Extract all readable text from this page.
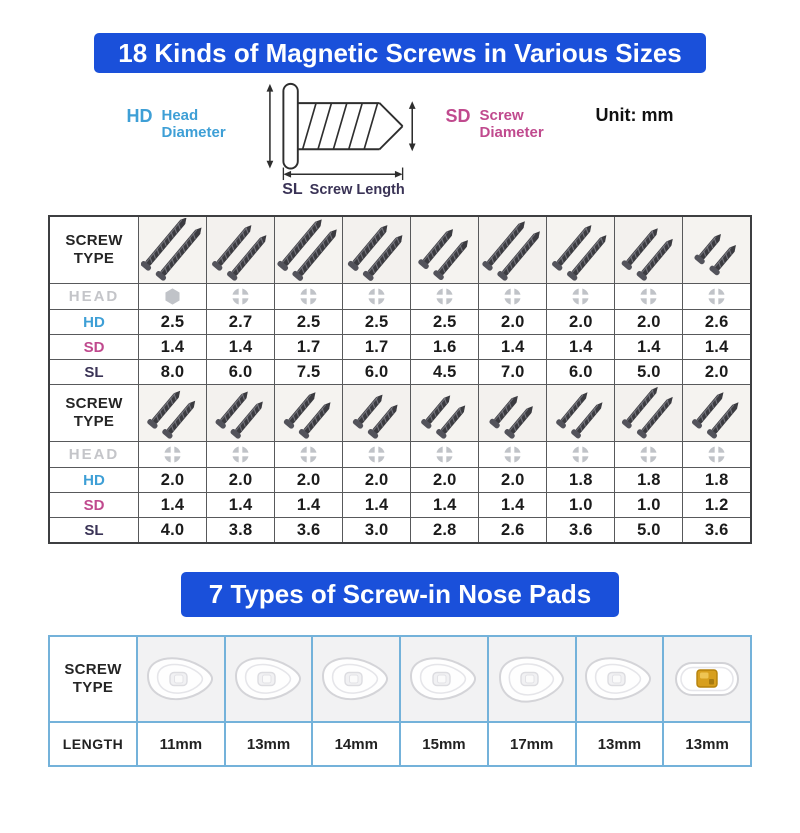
18 Kinds of Magnetic Screws in Various Sizes
HD Head Diameter
SL Screw Length
SD Screw Diameter
Unit: mm
SCREW TYPE	

HEAD									
HD	2.5	2.7	2.5	2.5	2.5	2.0	2.0	2.0	2.6
SD	1.4	1.4	1.7	1.7	1.6	1.4	1.4	1.4	1.4
SL	8.0	6.0	7.5	6.0	4.5	7.0	6.0	5.0	2.0
SCREW TYPE	

HEAD									
HD	2.0	2.0	2.0	2.0	2.0	2.0	1.8	1.8	1.8
SD	1.4	1.4	1.4	1.4	1.4	1.4	1.0	1.0	1.2
SL	4.0	3.8	3.6	3.0	2.8	2.6	3.6	5.0	3.6
7 Types of Screw-in Nose Pads
SCREW TYPE	

LENGTH	11mm	13mm	14mm	15mm	17mm	13mm	13mm
